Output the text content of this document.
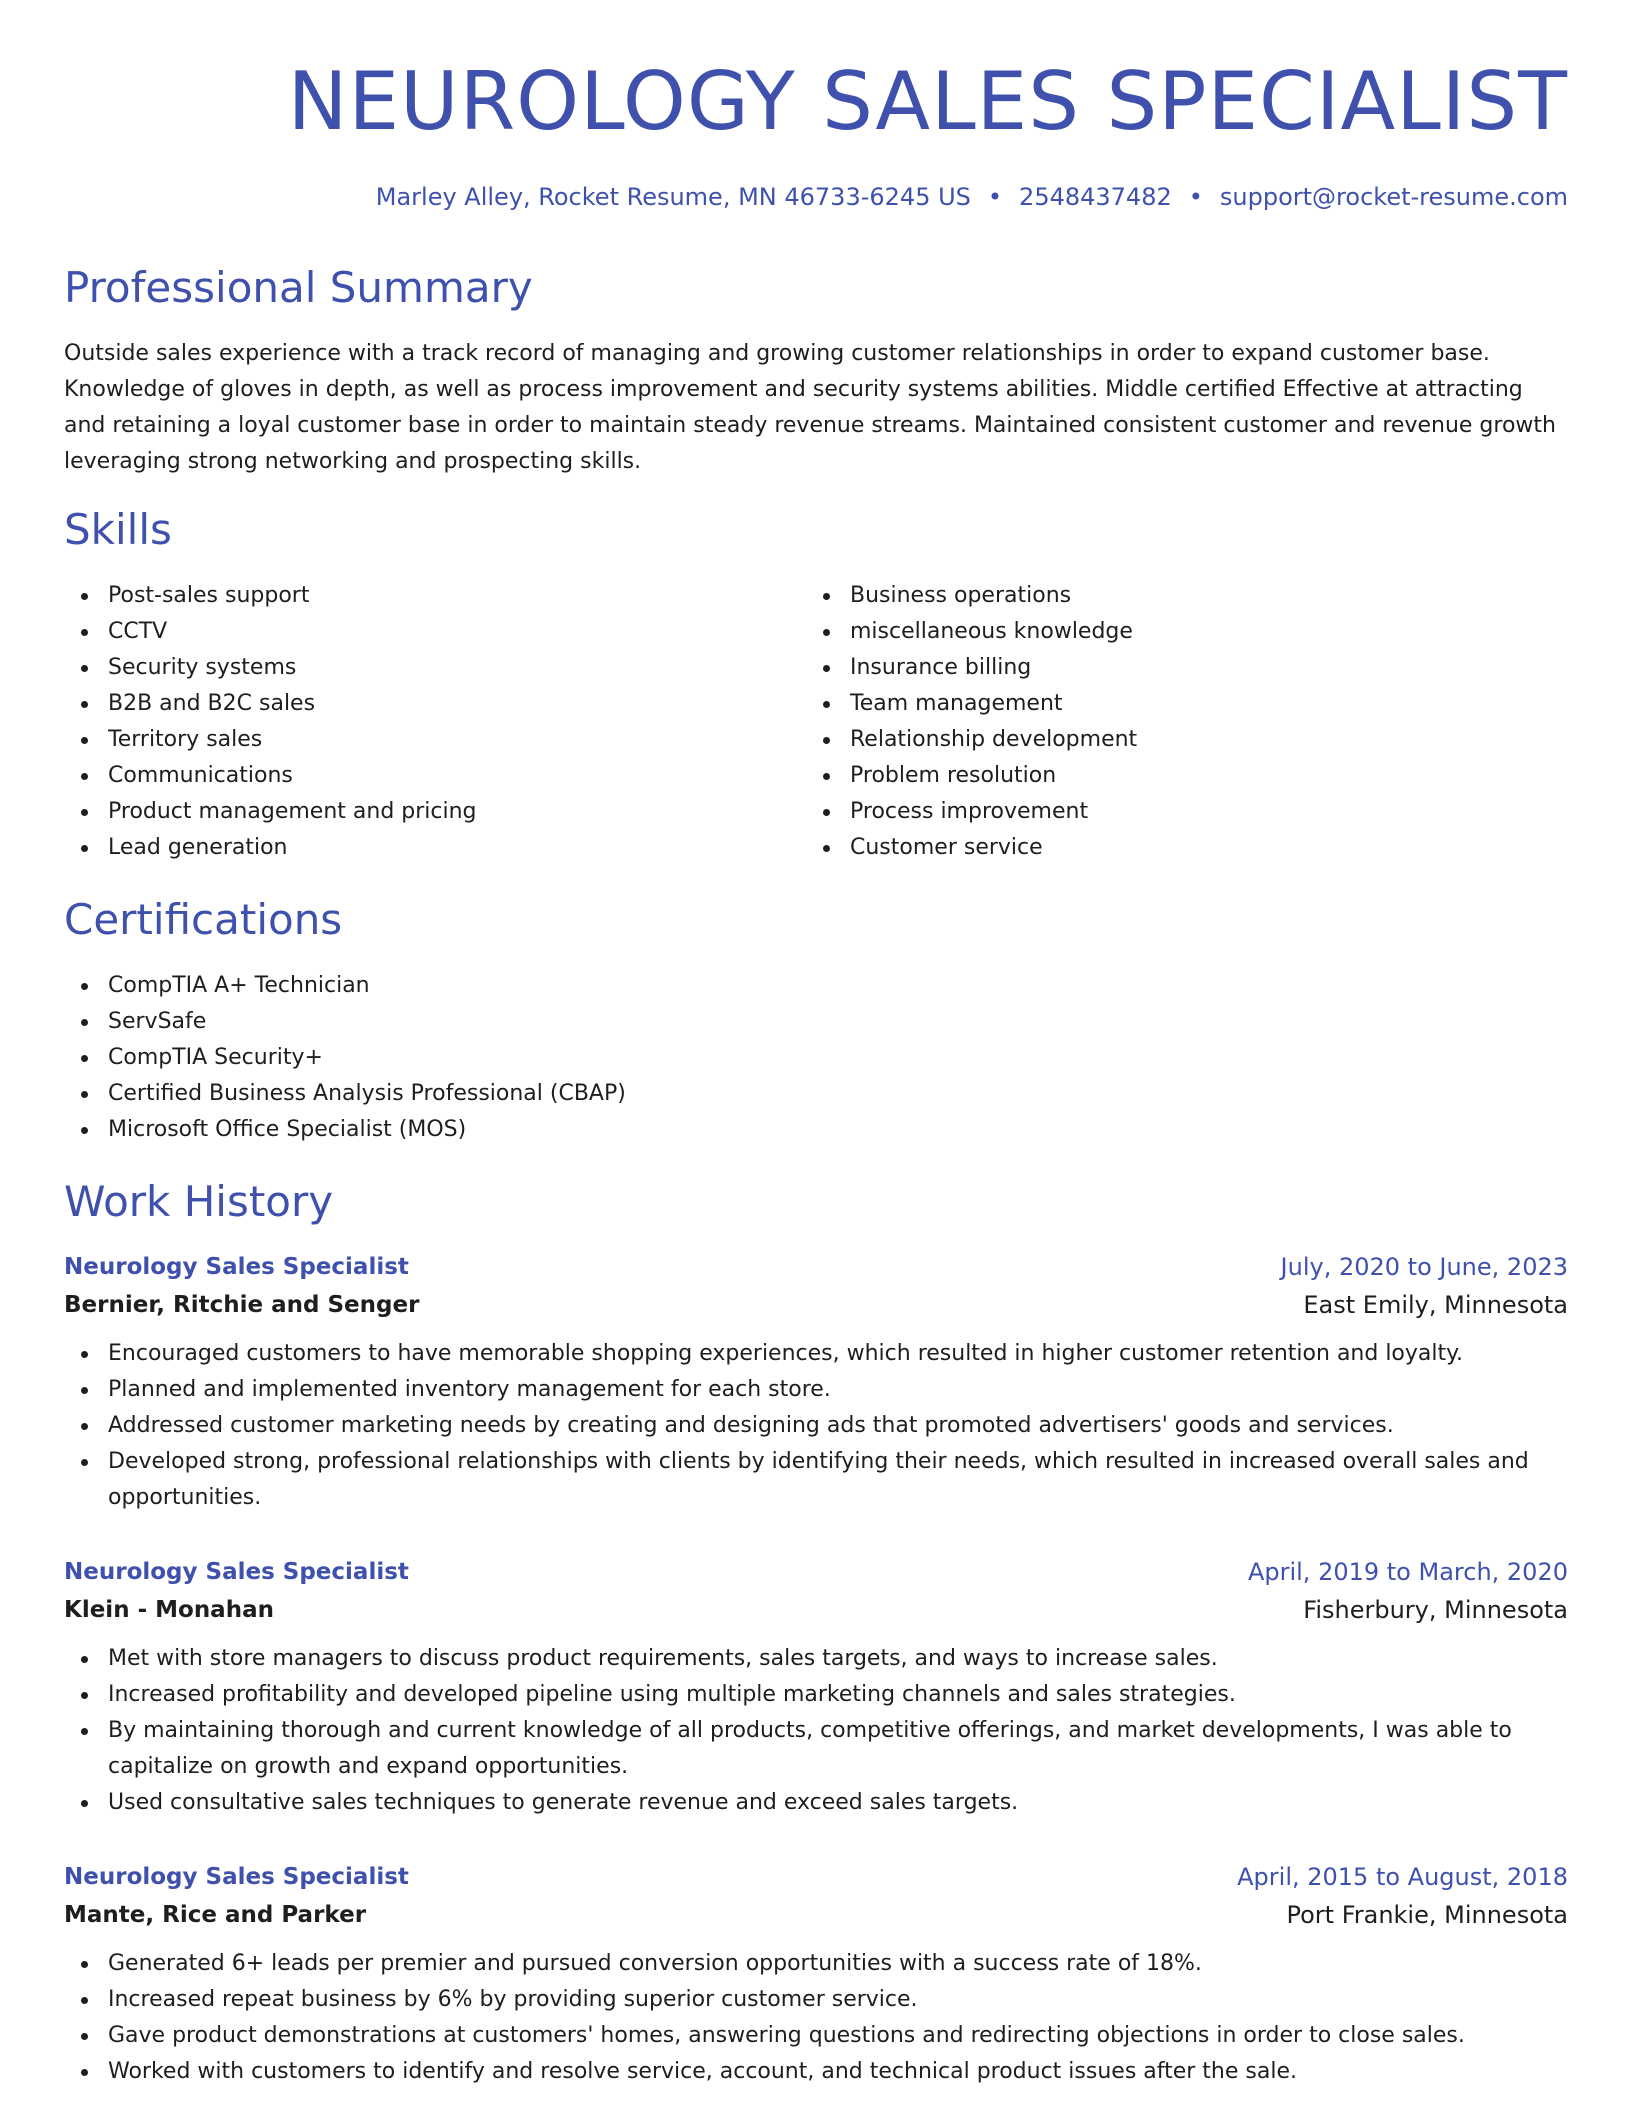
NEUROLOGY SALES SPECIALIST
Marley Alley, Rocket Resume, MN 46733-6245 US • 2548437482 • support@rocket-resume.com
Professional Summary

Outside sales experience with a track record of managing and growing customer relationships in order to expand customer base. Knowledge of gloves in depth, as well as process improvement and security systems abilities. Middle certified Effective at attracting and retaining a loyal customer base in order to maintain steady revenue streams. Maintained consistent customer and revenue growth leveraging strong networking and prospecting skills.

Skills
Post-sales support
CCTV
Security systems
B2B and B2C sales
Territory sales
Communications
Product management and pricing
Lead generation
Business operations
miscellaneous knowledge
Insurance billing
Team management
Relationship development
Problem resolution
Process improvement
Customer service
Certifications
CompTIA A+ Technician
ServSafe
CompTIA Security+
Certified Business Analysis Professional (CBAP)
Microsoft Office Specialist (MOS)
Work History
Neurology Sales Specialist	July, 2020 to June, 2023
Bernier, Ritchie and Senger	East Emily, Minnesota
Encouraged customers to have memorable shopping experiences, which resulted in higher customer retention and loyalty.
Planned and implemented inventory management for each store.
Addressed customer marketing needs by creating and designing ads that promoted advertisers' goods and services.
Developed strong, professional relationships with clients by identifying their needs, which resulted in increased overall sales and opportunities.
Neurology Sales Specialist	April, 2019 to March, 2020
Klein - Monahan	Fisherbury, Minnesota
Met with store managers to discuss product requirements, sales targets, and ways to increase sales.
Increased profitability and developed pipeline using multiple marketing channels and sales strategies.
By maintaining thorough and current knowledge of all products, competitive offerings, and market developments, I was able to capitalize on growth and expand opportunities.
Used consultative sales techniques to generate revenue and exceed sales targets.
Neurology Sales Specialist	April, 2015 to August, 2018
Mante, Rice and Parker	Port Frankie, Minnesota
Generated 6+ leads per premier and pursued conversion opportunities with a success rate of 18%.
Increased repeat business by 6% by providing superior customer service.
Gave product demonstrations at customers' homes, answering questions and redirecting objections in order to close sales.
Worked with customers to identify and resolve service, account, and technical product issues after the sale.
